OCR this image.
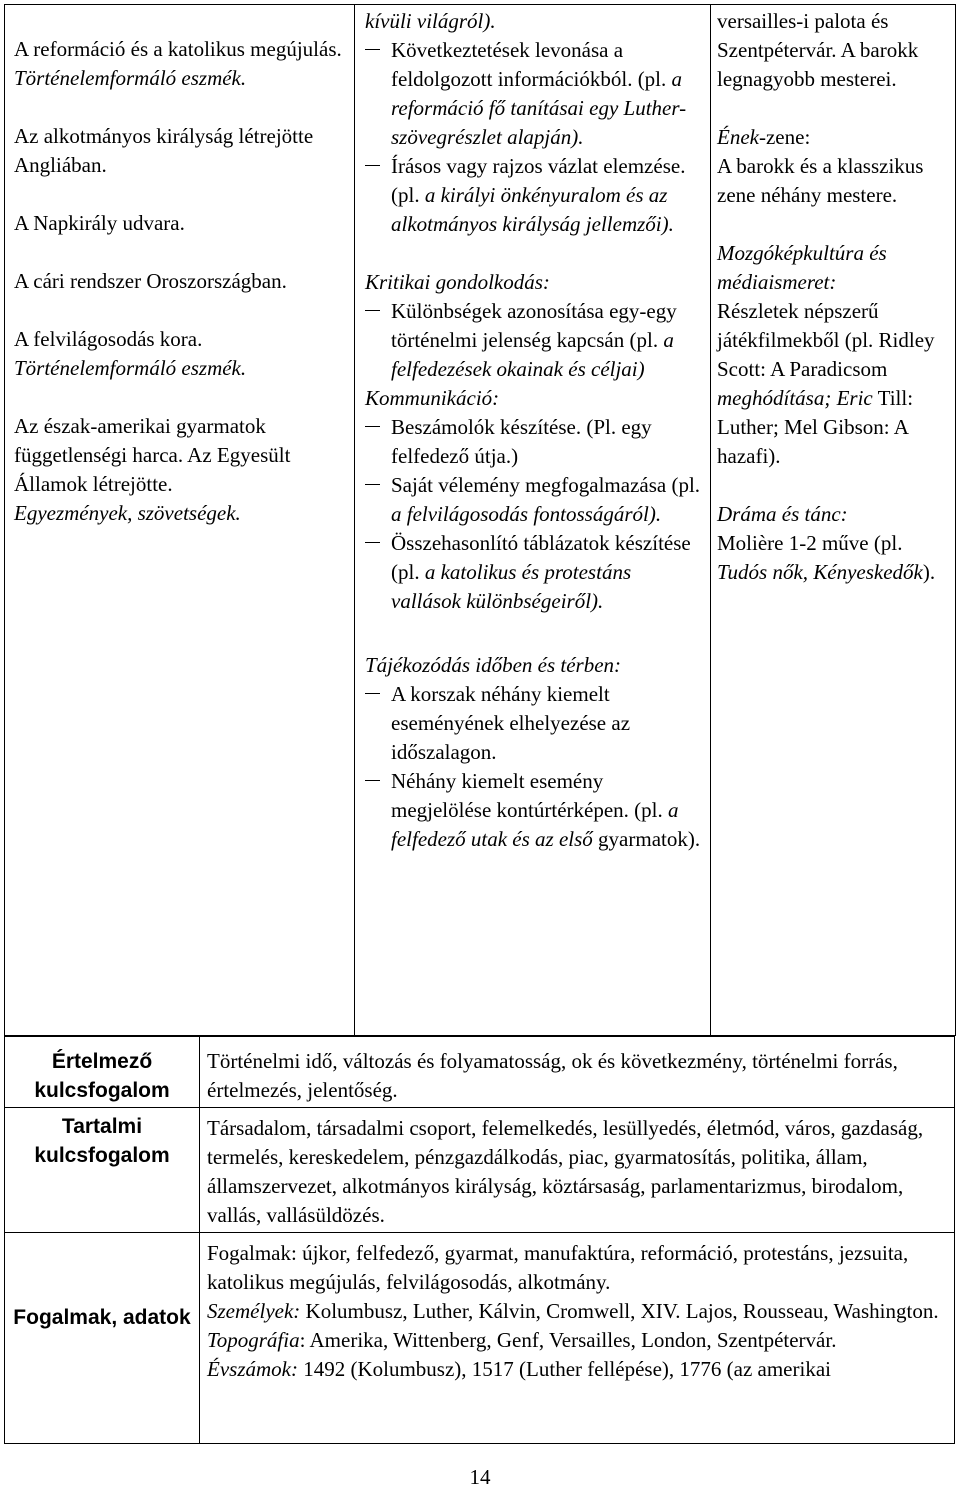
A reformáció és a katolikus megújulás.
Történelemformáló eszmék.
Az alkotmányos királyság létrejötte Angliában.
A Napkirály udvara.
A cári rendszer Oroszországban.
A felvilágosodás kora.
Történelemformáló eszmék.
Az észak-amerikai gyarmatok függetlenségi harca. Az Egyesült Államok létrejötte.
Egyezmények, szövetségek.

kívüli világról).
Következtetések levonása a feldolgozott információkból. (pl. a reformáció fő tanításai egy Luther-szövegrészlet alapján).
Írásos vagy rajzos vázlat elemzése. (pl. a királyi önkényuralom és az alkotmányos királyság jellemzői).
Kritikai gondolkodás:
Különbségek azonosítása egy-egy történelmi jelenség kapcsán (pl. a felfedezések okainak és céljai)
Kommunikáció:
Beszámolók készítése. (Pl. egy felfedező útja.)
Saját vélemény megfogalmazása (pl. a felvilágosodás fontosságáról).
Összehasonlító táblázatok készítése (pl. a katolikus és protestáns vallások különbségeiről).
Tájékozódás időben és térben:
A korszak néhány kiemelt eseményének elhelyezése az időszalagon.
Néhány kiemelt esemény megjelölése kontúrtérképen. (pl. a felfedező utak és az első gyarmatok).

versailles-i palota és Szentpétervár. A barokk legnagyobb mesterei.
Ének-zene:
A barokk és a klasszikus zene néhány mestere.
Mozgóképkultúra és médiaismeret:
Részletek népszerű játékfilmekből (pl. Ridley Scott: A Paradicsom meghódítása; Eric Till: Luther; Mel Gibson: A hazafi).
Dráma és tánc:
Molière 1-2 műve (pl. Tudós nők, Kényeskedők).
Értelmező kulcsfogalom	Történelmi idő, változás és folyamatosság, ok és következmény, történelmi forrás, értelmezés, jelentőség.
Tartalmi kulcsfogalom	Társadalom, társadalmi csoport, felemelkedés, lesüllyedés, életmód, város, gazdaság, termelés, kereskedelem, pénzgazdálkodás, piac, gyarmatosítás, politika, állam, államszervezet, alkotmányos királyság, köztársaság, parlamentarizmus, birodalom, vallás, vallásüldözés.
Fogalmak, adatok	Fogalmak: újkor, felfedező, gyarmat, manufaktúra, reformáció, protestáns, jezsuita, katolikus megújulás, felvilágosodás, alkotmány.
Személyek: Kolumbusz, Luther, Kálvin, Cromwell, XIV. Lajos, Rousseau, Washington.
Topográfia: Amerika, Wittenberg, Genf, Versailles, London, Szentpétervár.
Évszámok: 1492 (Kolumbusz), 1517 (Luther fellépése), 1776 (az amerikai
14
